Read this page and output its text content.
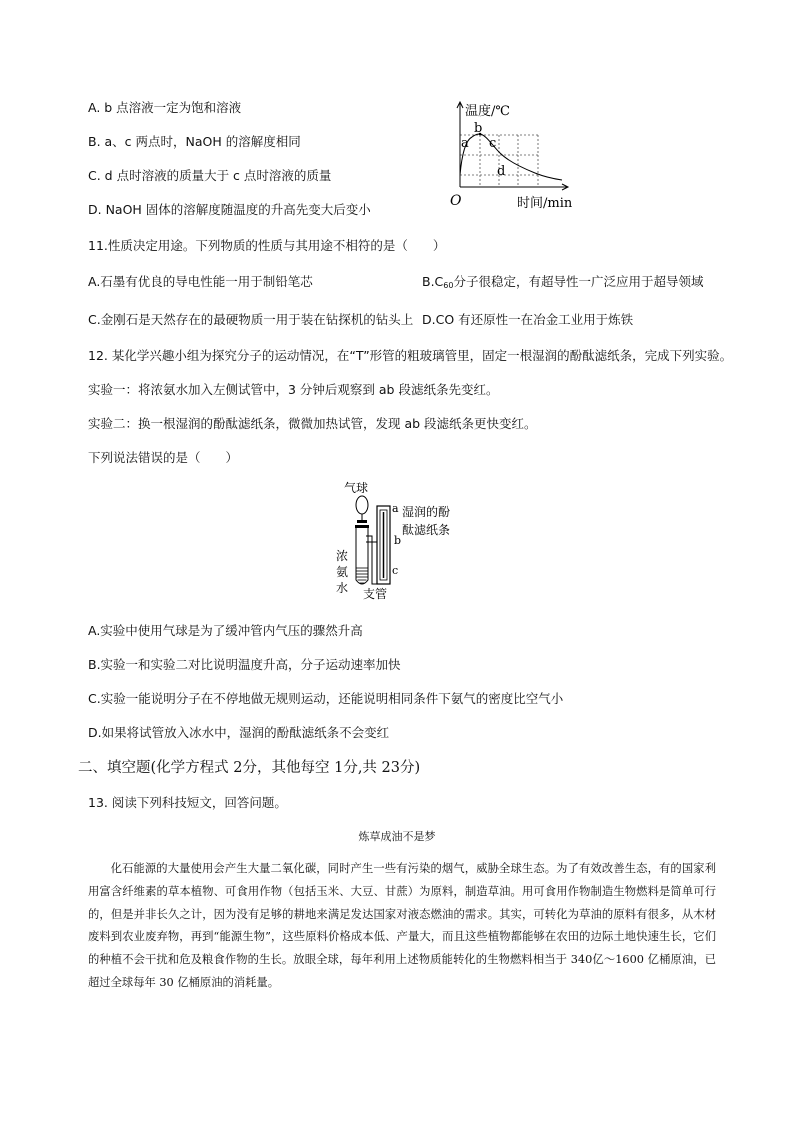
A. b 点溶液一定为饱和溶液
B. a、c 两点时，NaOH 的溶解度相同
C. d 点时溶液的质量大于 c 点时溶液的质量
D. NaOH 固体的溶解度随温度的升高先变大后变小
b
a c
d
温度/℃
O	时间/min
11.性质决定用途。下列物质的性质与其用途不相符的是（　　）
A.石墨有优良的导电性能一用于制铅笔芯	$B.C_{60}$分子很稳定，有超导性一广泛应用于超导领域
C.金刚石是天然存在的最硬物质一用于装在钻探机的钻头上 D.CO 有还原性一在冶金工业用于炼铁
12. 某化学兴趣小组为探究分子的运动情况，在“T”形管的粗玻璃管里，固定一根湿润的酚酞滤纸条，完成下列实验。
实验一：将浓氨水加入左侧试管中，3 分钟后观察到 ab 段滤纸条先变红。
实验二：换一根湿润的酚酞滤纸条，微微加热试管，发现 ab 段滤纸条更快变红。
下列说法错误的是（　　）
气球
a
b
c
湿润的酚
酞滤纸条
浓
氨
水 支管
A.实验中使用气球是为了缓冲管内气压的骤然升高
B.实验一和实验二对比说明温度升高，分子运动速率加快
C.实验一能说明分子在不停地做无规则运动，还能说明相同条件下氨气的密度比空气小
D.如果将试管放入冰水中，湿润的酚酞滤纸条不会变红
二、填空题(化学方程式 2分，其他每空 1分,共 23分)
13. 阅读下列科技短文，回答问题。
炼草成油不是梦
化石能源的大量使用会产生大量二氧化碳，同时产生一些有污染的烟气，威胁全球生态。为了有效改善生态，有的国家利用富含纤维素的草本植物、可食用作物（包括玉米、大豆、甘蔗）为原料，制造草油。用可食用作物制造生物燃料是简单可行的，但是并非长久之计，因为没有足够的耕地来满足发达国家对液态燃油的需求。其实，可转化为草油的原料有很多，从木材废料到农业废弃物，再到“能源生物”，这些原料价格成本低、产量大，而且这些植物都能够在农田的边际土地快速生长，它们的种植不会干扰和危及粮食作物的生长。放眼全球，每年利用上述物质能转化的生物燃料相当于 340亿～1600 亿桶原油，已超过全球每年 30 亿桶原油的消耗量。
